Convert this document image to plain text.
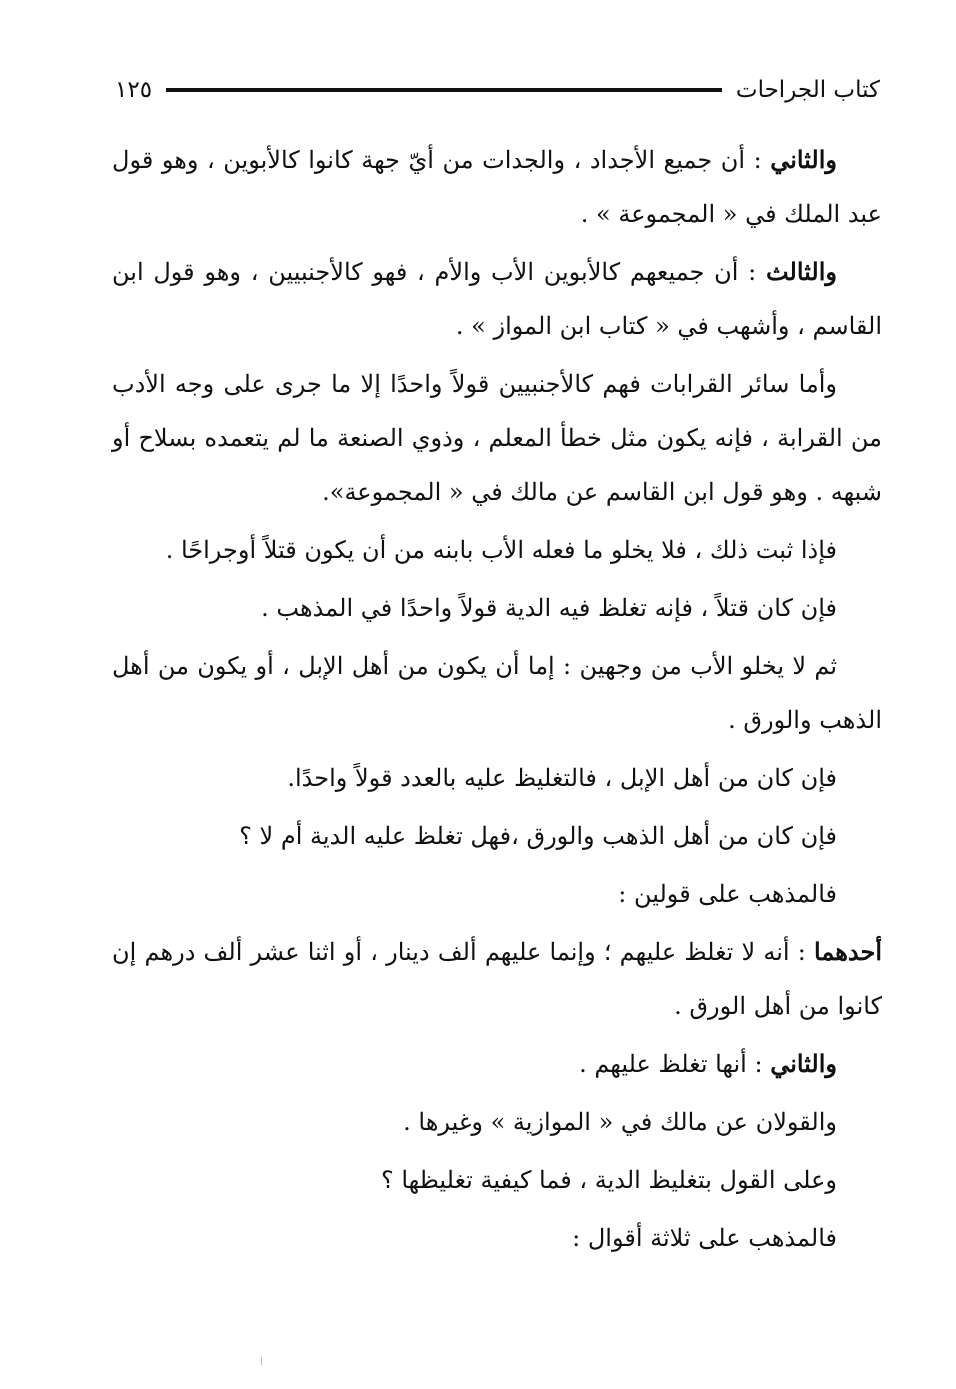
كتاب الجراحات
١٢٥

والثاني : أن جميع الأجداد ، والجدات من أيّ جهة كانوا كالأبوين ، وهو قول عبد الملك في « المجموعة » .

والثالث : أن جميعهم كالأبوين الأب والأم ، فهو كالأجنبيين ، وهو قول ابن القاسم ، وأشهب في « كتاب ابن المواز » .

وأما سائر القرابات فهم كالأجنبيين قولاً واحدًا إلا ما جرى على وجه الأدب من القرابة ، فإنه يكون مثل خطأ المعلم ، وذوي الصنعة ما لم يتعمده بسلاح أو شبهه . وهو قول ابن القاسم عن مالك في « المجموعة».

فإذا ثبت ذلك ، فلا يخلو ما فعله الأب بابنه من أن يكون قتلاً أوجراحًا .

فإن كان قتلاً ، فإنه تغلظ فيه الدية قولاً واحدًا في المذهب .

ثم لا يخلو الأب من وجهين : إما أن يكون من أهل الإبل ، أو يكون من أهل الذهب والورق .

فإن كان من أهل الإبل ، فالتغليظ عليه بالعدد قولاً واحدًا.

فإن كان من أهل الذهب والورق ،فهل تغلظ عليه الدية أم لا ؟

فالمذهب على قولين :

أحدهما : أنه لا تغلظ عليهم ؛ وإنما عليهم ألف دينار ، أو اثنا عشر ألف درهم إن كانوا من أهل الورق .

والثاني : أنها تغلظ عليهم .

والقولان عن مالك في « الموازية » وغيرها .

وعلى القول بتغليظ الدية ، فما كيفية تغليظها ؟

فالمذهب على ثلاثة أقوال :
